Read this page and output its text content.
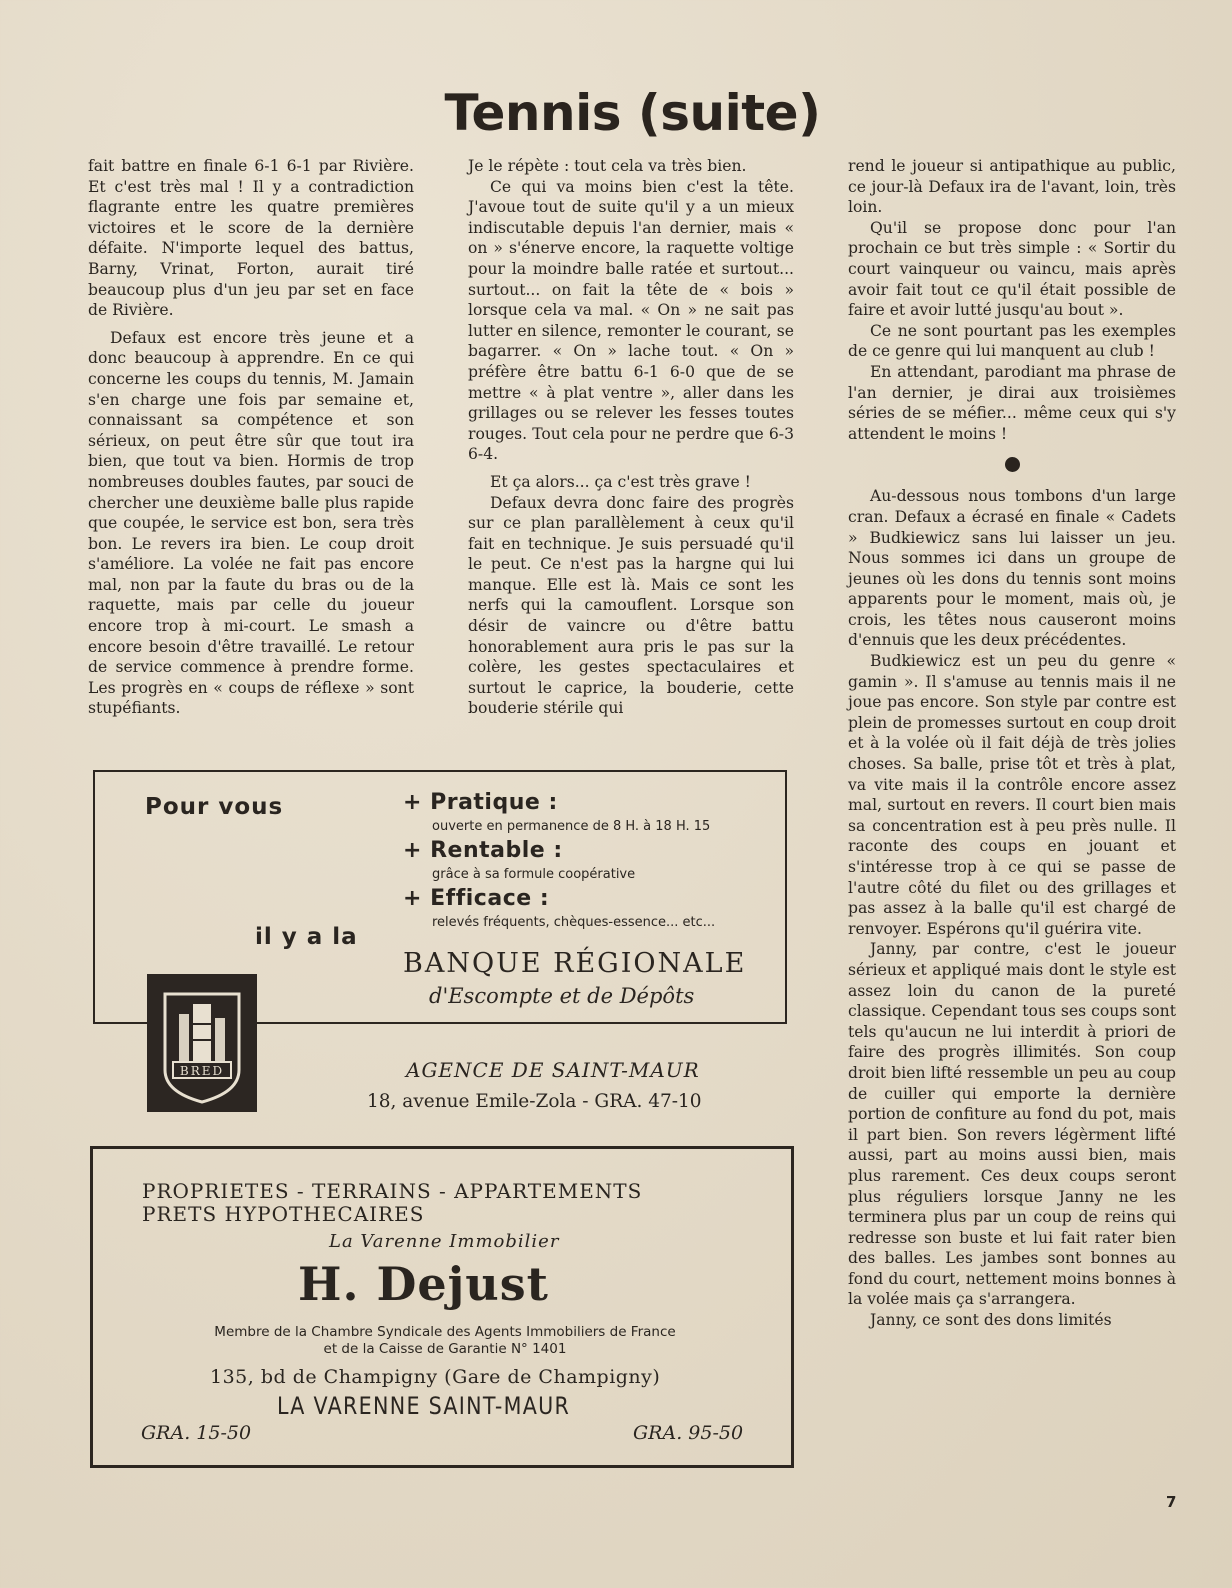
Tennis (suite)

fait battre en finale 6-1 6-1 par Rivière. Et c'est très mal ! Il y a contradiction flagrante entre les quatre premières victoires et le score de la dernière défaite. N'importe lequel des battus, Barny, Vrinat, Forton, aurait tiré beaucoup plus d'un jeu par set en face de Rivière.

Defaux est encore très jeune et a donc beaucoup à apprendre. En ce qui concerne les coups du tennis, M. Jamain s'en charge une fois par semaine et, connaissant sa compétence et son sérieux, on peut être sûr que tout ira bien, que tout va bien. Hormis de trop nombreuses doubles fautes, par souci de chercher une deuxième balle plus rapide que coupée, le service est bon, sera très bon. Le revers ira bien. Le coup droit s'améliore. La volée ne fait pas encore mal, non par la faute du bras ou de la raquette, mais par celle du joueur encore trop à mi-court. Le smash a encore besoin d'être travaillé. Le retour de service commence à prendre forme. Les progrès en « coups de réflexe » sont stupéfiants.

Je le répète : tout cela va très bien.

Ce qui va moins bien c'est la tête. J'avoue tout de suite qu'il y a un mieux indiscutable depuis l'an dernier, mais « on » s'énerve encore, la raquette voltige pour la moindre balle ratée et surtout... surtout... on fait la tête de « bois » lorsque cela va mal. « On » ne sait pas lutter en silence, remonter le courant, se bagarrer. « On » lache tout. « On » préfère être battu 6-1 6-0 que de se mettre « à plat ventre », aller dans les grillages ou se relever les fesses toutes rouges. Tout cela pour ne perdre que 6-3 6-4.

Et ça alors... ça c'est très grave !

Defaux devra donc faire des progrès sur ce plan parallèlement à ceux qu'il fait en technique. Je suis persuadé qu'il le peut. Ce n'est pas la hargne qui lui manque. Elle est là. Mais ce sont les nerfs qui la camouflent. Lorsque son désir de vaincre ou d'être battu honorablement aura pris le pas sur la colère, les gestes spectaculaires et surtout le caprice, la bouderie, cette bouderie stérile qui

rend le joueur si antipathique au public, ce jour-là Defaux ira de l'avant, loin, très loin.

Qu'il se propose donc pour l'an prochain ce but très simple : « Sortir du court vainqueur ou vaincu, mais après avoir fait tout ce qu'il était possible de faire et avoir lutté jusqu'au bout ».

Ce ne sont pourtant pas les exemples de ce genre qui lui manquent au club !

En attendant, parodiant ma phrase de l'an dernier, je dirai aux troisièmes séries de se méfier... même ceux qui s'y attendent le moins !

Au-dessous nous tombons d'un large cran. Defaux a écrasé en finale « Cadets » Budkiewicz sans lui laisser un jeu. Nous sommes ici dans un groupe de jeunes où les dons du tennis sont moins apparents pour le moment, mais où, je crois, les têtes nous causeront moins d'ennuis que les deux précédentes.

Budkiewicz est un peu du genre « gamin ». Il s'amuse au tennis mais il ne joue pas encore. Son style par contre est plein de promesses surtout en coup droit et à la volée où il fait déjà de très jolies choses. Sa balle, prise tôt et très à plat, va vite mais il la contrôle encore assez mal, surtout en revers. Il court bien mais sa concentration est à peu près nulle. Il raconte des coups en jouant et s'intéresse trop à ce qui se passe de l'autre côté du filet ou des grillages et pas assez à la balle qu'il est chargé de renvoyer. Espérons qu'il guérira vite.

Janny, par contre, c'est le joueur sérieux et appliqué mais dont le style est assez loin du canon de la pureté classique. Cependant tous ses coups sont tels qu'aucun ne lui interdit à priori de faire des progrès illimités. Son coup droit bien lifté ressemble un peu au coup de cuiller qui emporte la dernière portion de confiture au fond du pot, mais il part bien. Son revers légèrment lifté aussi, part au moins aussi bien, mais plus rarement. Ces deux coups seront plus réguliers lorsque Janny ne les terminera plus par un coup de reins qui redresse son buste et lui fait rater bien des balles. Les jambes sont bonnes au fond du court, nettement moins bonnes à la volée mais ça s'arrangera.

Janny, ce sont des dons limités

Pour vous	+ Pratique :
ouverte en permanence de 8 H. à 18 H. 15
+ Rentable :
grâce à sa formule coopérative
+ Efficace :
relevés fréquents, chèques-essence... etc...
il y a la
BANQUE RÉGIONALE
d'Escompte et de Dépôts
BRED	AGENCE DE SAINT-MAUR
18, avenue Emile-Zola - GRA. 47-10
PROPRIETES - TERRAINS - APPARTEMENTS
PRETS HYPOTHECAIRES
La Varenne Immobilier
H. Dejust
Membre de la Chambre Syndicale des Agents Immobiliers de France
et de la Caisse de Garantie N° 1401
135, bd de Champigny (Gare de Champigny)
LA VARENNE SAINT-MAUR
GRA. 15-50	GRA. 95-50
7
